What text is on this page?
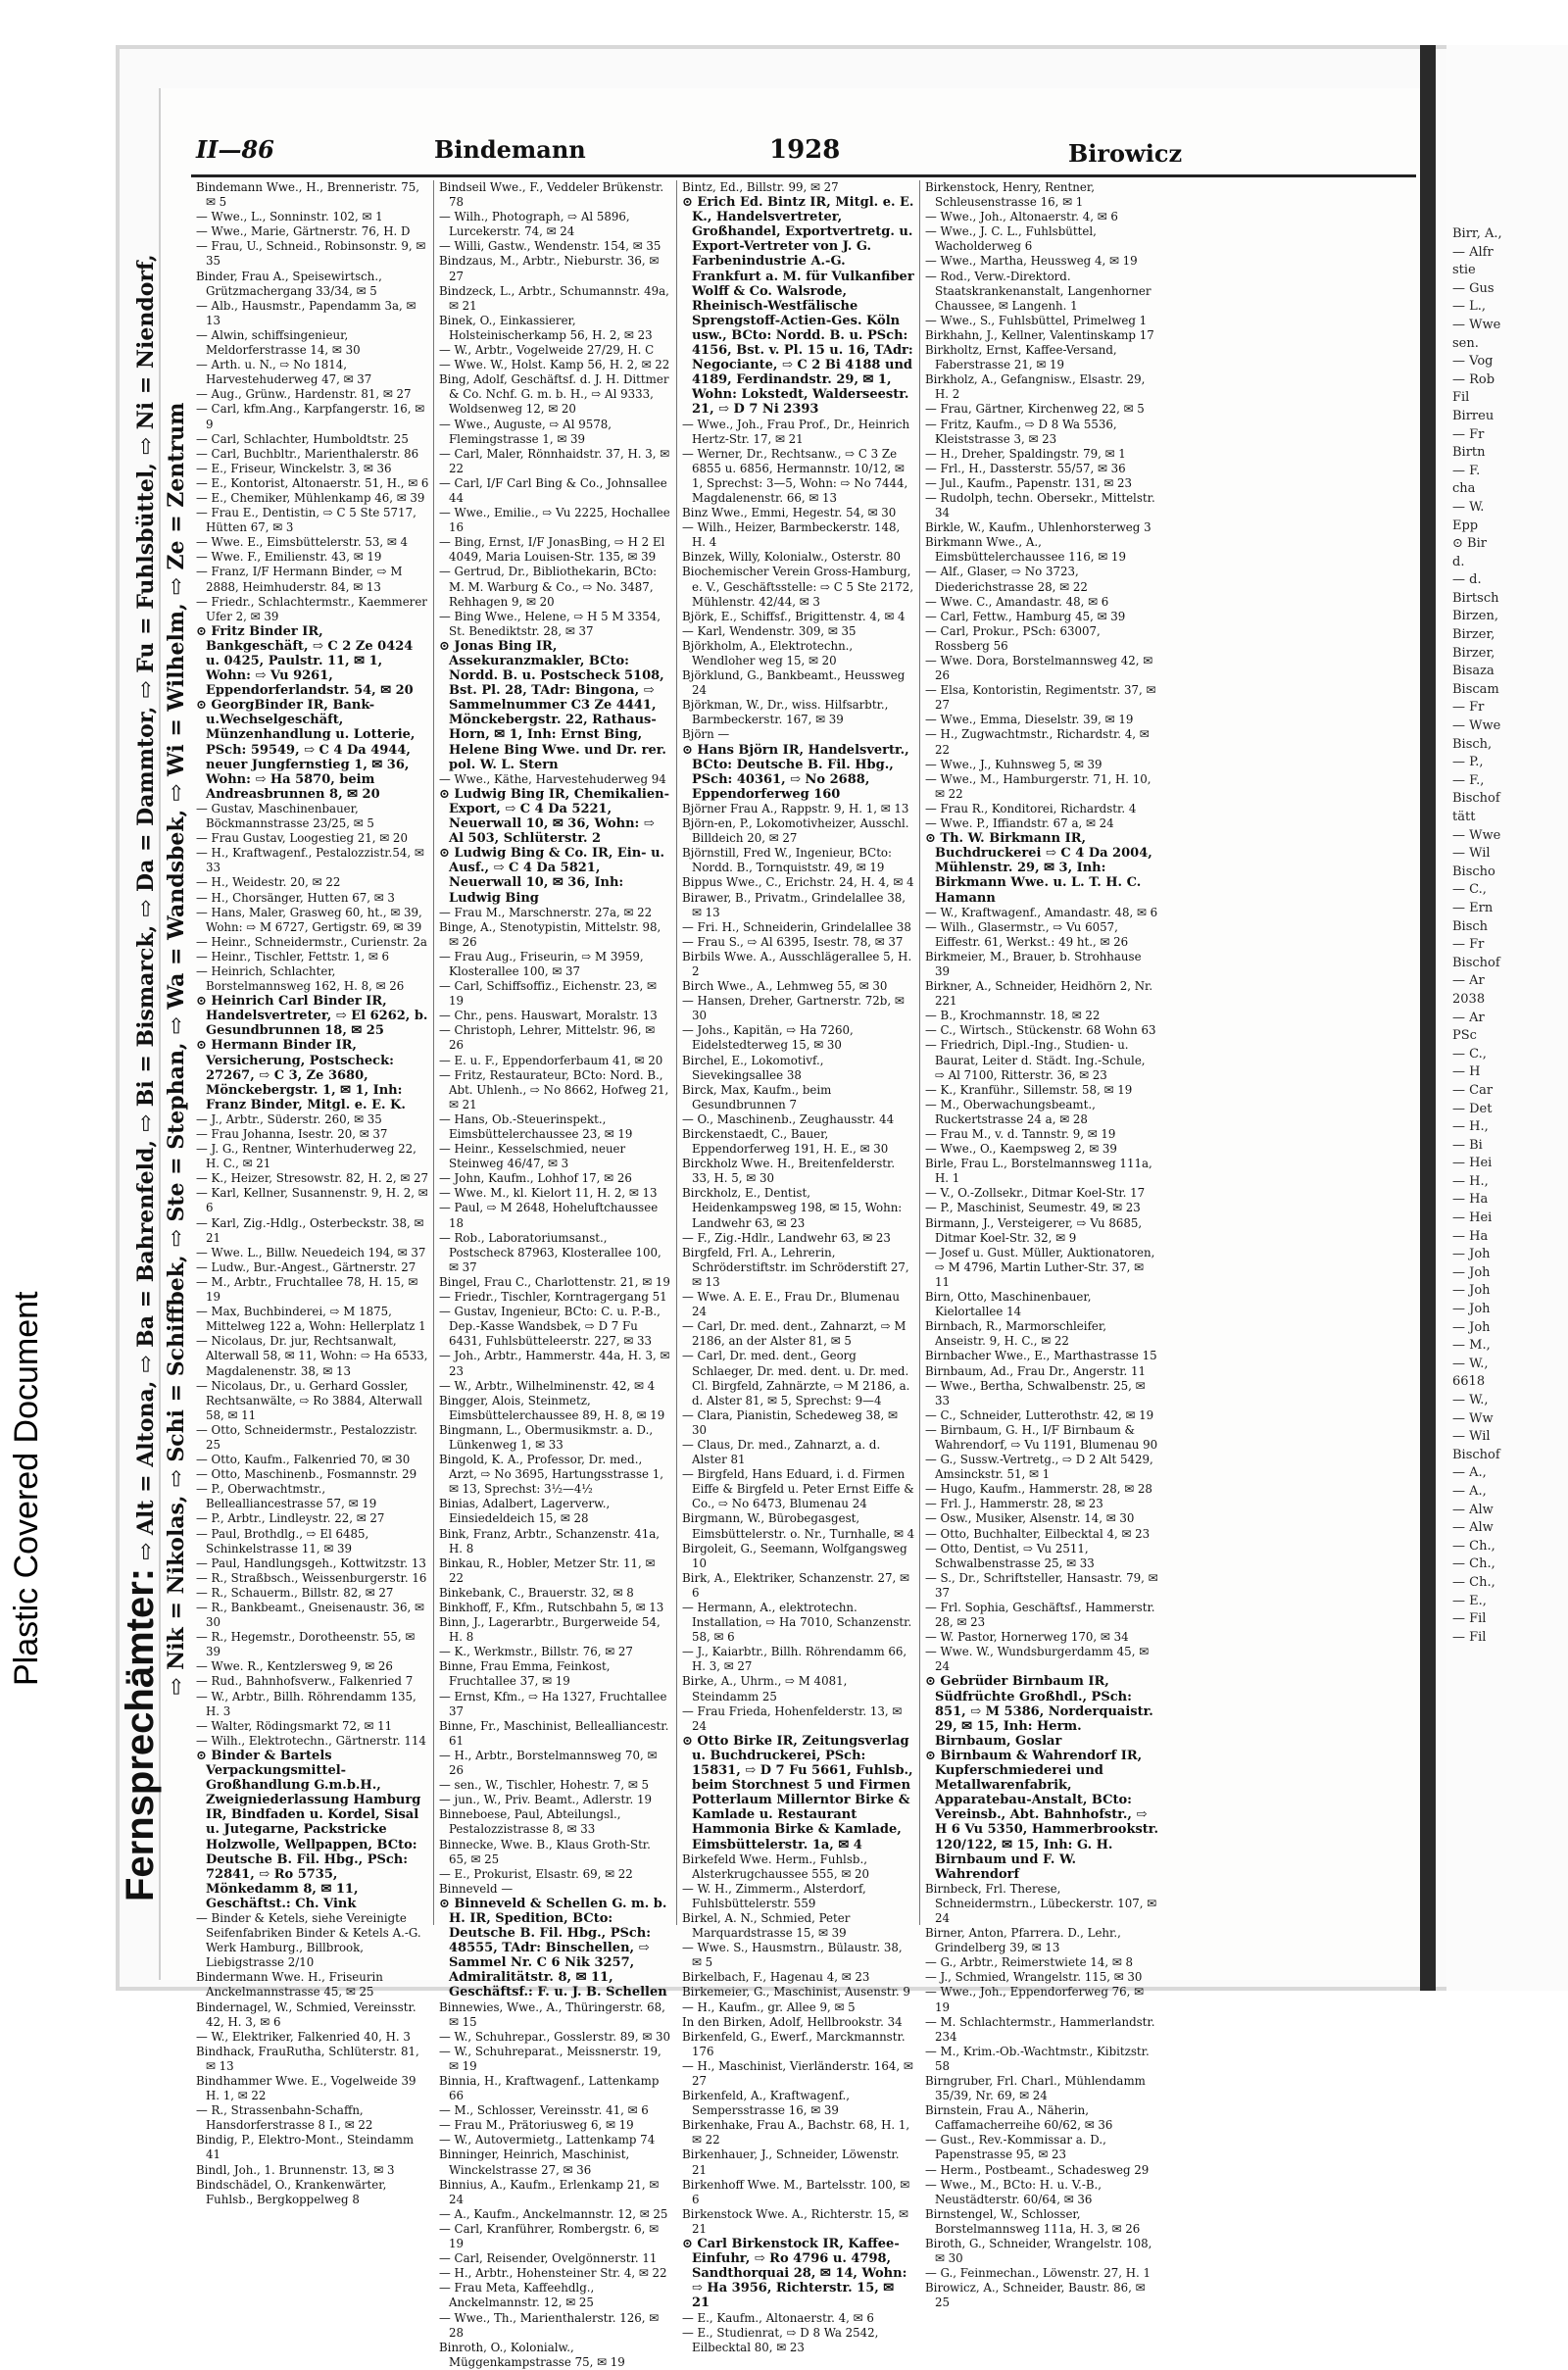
Plastic Covered Document
Birr, A.,
— Alfr
stie
— Gus
— L.,
— Wwe
sen.
— Vog
— Rob
Fil
Birreu
— Fr
Birtn
— F.
cha
— W.
Epp
⊙ Bir
d.
— d.
Birtsch
Birzen,
Birzer,
Birzer,
Bisaza
Biscam
— Fr
— Wwe
Bisch,
— P.,
— F.,
Bischof
tätt
— Wwe
— Wil
Bischo
— C.,
— Ern
Bisch
— Fr
Bischof
— Ar
2038
— Ar
PSc
— C.,
— H
— Car
— Det
— H.,
— Bi
— Hei
— H.,
— Ha
— Hei
— Ha
— Joh
— Joh
— Joh
— Joh
— Joh
— M.,
— W.,
6618
— W.,
— Ww
— Wil
Bischof
— A.,
— A.,
— Alw
— Alw
— Ch.,
— Ch.,
— Ch.,
— E.,
— Fil
— Fil
II—86	Bindemann	1928	Birowicz
Fernsprechämter: ⇨ Alt = Altona, ⇨ Ba = Bahrenfeld, ⇨ Bi = Bismarck, ⇨ Da = Dammtor, ⇨ Fu = Fuhlsbüttel, ⇨ Ni = Niendorf, ⇨ Nik = Nikolas, ⇨ Schi = Schiffbek, ⇨ Ste = Stephan, ⇨ Wa = Wandsbek, ⇨ Wi = Wilhelm, ⇨ Ze = Zentrum

Bindemann Wwe., H., Brenneristr. 75, ✉ 5

— Wwe., L., Sonninstr. 102, ✉ 1

— Wwe., Marie, Gärtnerstr. 76, H. D

— Frau, U., Schneid., Robinsonstr. 9, ✉ 35

Binder, Frau A., Speisewirtsch., Grützmachergang 33/34, ✉ 5

— Alb., Hausmstr., Papendamm 3a, ✉ 13

— Alwin, schiffsingenieur, Meldorferstrasse 14, ✉ 30

— Arth. u. N., ⇨ No 1814, Harvestehuderweg 47, ✉ 37

— Aug., Grünw., Hardenstr. 81, ✉ 27

— Carl, kfm.Ang., Karpfangerstr. 16, ✉ 9

— Carl, Schlachter, Humboldtstr. 25

— Carl, Buchbltr., Marienthalerstr. 86

— E., Friseur, Winckelstr. 3, ✉ 36

— E., Kontorist, Altonaerstr. 51, H., ✉ 6

— E., Chemiker, Mühlenkamp 46, ✉ 39

— Frau E., Dentistin, ⇨ C 5 Ste 5717, Hütten 67, ✉ 3

— Wwe. E., Eimsbüttelerstr. 53, ✉ 4

— Wwe. F., Emilienstr. 43, ✉ 19

— Franz, I/F Hermann Binder, ⇨ M 2888, Heimhuderstr. 84, ✉ 13

— Friedr., Schlachtermstr., Kaemmerer Ufer 2, ✉ 39

⊙ Fritz Binder IR, Bankgeschäft, ⇨ C 2 Ze 0424 u. 0425, Paulstr. 11, ✉ 1, Wohn: ⇨ Vu 9261, Eppendorferlandstr. 54, ✉ 20

⊙ GeorgBinder IR, Bank-u.Wechselgeschäft, Münzenhandlung u. Lotterie, PSch: 59549, ⇨ C 4 Da 4944, neuer Jungfernstieg 1, ✉ 36, Wohn: ⇨ Ha 5870, beim Andreasbrunnen 8, ✉ 20

— Gustav, Maschinenbauer, Böckmannstrasse 23/25, ✉ 5

— Frau Gustav, Loogestieg 21, ✉ 20

— H., Kraftwagenf., Pestalozzistr.54, ✉ 33

— H., Weidestr. 20, ✉ 22

— H., Chorsänger, Hutten 67, ✉ 3

— Hans, Maler, Grasweg 60, ht., ✉ 39, Wohn: ⇨ M 6727, Gertigstr. 69, ✉ 39

— Heinr., Schneidermstr., Curienstr. 2a

— Heinr., Tischler, Fettstr. 1, ✉ 6

— Heinrich, Schlachter, Borstelmannsweg 162, H. 8, ✉ 26

⊙ Heinrich Carl Binder IR, Handelsvertreter, ⇨ El 6262, b. Gesundbrunnen 18, ✉ 25

⊙ Hermann Binder IR, Versicherung, Postscheck: 27267, ⇨ C 3, Ze 3680, Mönckebergstr. 1, ✉ 1, Inh: Franz Binder, Mitgl. e. E. K.

— J., Arbtr., Süderstr. 260, ✉ 35

— Frau Johanna, Isestr. 20, ✉ 37

— J. G., Rentner, Winterhuderweg 22, H. C., ✉ 21

— K., Heizer, Stresowstr. 82, H. 2, ✉ 27

— Karl, Kellner, Susannenstr. 9, H. 2, ✉ 6

— Karl, Zig.-Hdlg., Osterbeckstr. 38, ✉ 21

— Wwe. L., Billw. Neuedeich 194, ✉ 37

— Ludw., Bur.-Angest., Gärtnerstr. 27

— M., Arbtr., Fruchtallee 78, H. 15, ✉ 19

— Max, Buchbinderei, ⇨ M 1875, Mittelweg 122 a, Wohn: Hellerplatz 1

— Nicolaus, Dr. jur, Rechtsanwalt, Alterwall 58, ✉ 11, Wohn: ⇨ Ha 6533, Magdalenenstr. 38, ✉ 13

— Nicolaus, Dr., u. Gerhard Gossler, Rechtsanwälte, ⇨ Ro 3884, Alterwall 58, ✉ 11

— Otto, Schneidermstr., Pestalozzistr. 25

— Otto, Kaufm., Falkenried 70, ✉ 30

— Otto, Maschinenb., Fosmannstr. 29

— P., Oberwachtmstr., Bellealliancestrasse 57, ✉ 19

— P., Arbtr., Lindleystr. 22, ✉ 27

— Paul, Brothdlg., ⇨ El 6485, Schinkelstrasse 11, ✉ 39

— Paul, Handlungsgeh., Kottwitzstr. 13

— R., Straßbsch., Weissenburgerstr. 16

— R., Schauerm., Billstr. 82, ✉ 27

— R., Bankbeamt., Gneisenaustr. 36, ✉ 30

— R., Hegemstr., Dorotheenstr. 55, ✉ 39

— Wwe. R., Kentzlersweg 9, ✉ 26

— Rud., Bahnhofsverw., Falkenried 7

— W., Arbtr., Billh. Röhrendamm 135, H. 3

— Walter, Rödingsmarkt 72, ✉ 11

— Wilh., Elektrotechn., Gärtnerstr. 114

⊙ Binder & Bartels Verpackungsmittel-Großhandlung G.m.b.H., Zweigniederlassung Hamburg IR, Bindfaden u. Kordel, Sisal u. Jutegarne, Packstricke Holzwolle, Wellpappen, BCto: Deutsche B. Fil. Hbg., PSch: 72841, ⇨ Ro 5735, Mönkedamm 8, ✉ 11, Geschäftst.: Ch. Vink

— Binder & Ketels, siehe Vereinigte Seifenfabriken Binder & Ketels A.-G. Werk Hamburg., Billbrook, Liebigstrasse 2/10

Bindermann Wwe. H., Friseurin Anckelmannstrasse 45, ✉ 25

Bindernagel, W., Schmied, Vereinsstr. 42, H. 3, ✉ 6

— W., Elektriker, Falkenried 40, H. 3

Bindhack, FrauRutha, Schlüterstr. 81, ✉ 13

Bindhammer Wwe. E., Vogelweide 39 H. 1, ✉ 22

— R., Strassenbahn-Schaffn, Hansdorferstrasse 8 I., ✉ 22

Bindig, P., Elektro-Mont., Steindamm 41

Bindl, Joh., 1. Brunnenstr. 13, ✉ 3

Bindschädel, O., Krankenwärter, Fuhlsb., Bergkoppelweg 8

Bindseil Wwe., F., Veddeler Brükenstr. 78

— Wilh., Photograph, ⇨ Al 5896, Lurcekerstr. 74, ✉ 24

— Willi, Gastw., Wendenstr. 154, ✉ 35

Bindzaus, M., Arbtr., Nieburstr. 36, ✉ 27

Bindzeck, L., Arbtr., Schumannstr. 49a, ✉ 21

Binek, O., Einkassierer, Holsteinischerkamp 56, H. 2, ✉ 23

— W., Arbtr., Vogelweide 27/29, H. C

— Wwe. W., Holst. Kamp 56, H. 2, ✉ 22

Bing, Adolf, Geschäftsf. d. J. H. Dittmer & Co. Nchf. G. m. b. H., ⇨ Al 9333, Woldsenweg 12, ✉ 20

— Wwe., Auguste, ⇨ Al 9578, Flemingstrasse 1, ✉ 39

— Carl, Maler, Rönnhaidstr. 37, H. 3, ✉ 22

— Carl, I/F Carl Bing & Co., Johnsallee 44

— Wwe., Emilie., ⇨ Vu 2225, Hochallee 16

— Bing, Ernst, I/F JonasBing, ⇨ H 2 El 4049, Maria Louisen-Str. 135, ✉ 39

— Gertrud, Dr., Bibliothekarin, BCto: M. M. Warburg & Co., ⇨ No. 3487, Rehhagen 9, ✉ 20

— Bing Wwe., Helene, ⇨ H 5 M 3354, St. Benediktstr. 28, ✉ 37

⊙ Jonas Bing IR, Assekuranzmakler, BCto: Nordd. B. u. Postscheck 5108, Bst. Pl. 28, TAdr: Bingona, ⇨ Sammelnummer C3 Ze 4441, Mönckebergstr. 22, Rathaus-Horn, ✉ 1, Inh: Ernst Bing, Helene Bing Wwe. und Dr. rer. pol. W. L. Stern

— Wwe., Käthe, Harvestehuderweg 94

⊙ Ludwig Bing IR, Chemikalien-Export, ⇨ C 4 Da 5221, Neuerwall 10, ✉ 36, Wohn: ⇨ Al 503, Schlüterstr. 2

⊙ Ludwig Bing & Co. IR, Ein- u. Ausf., ⇨ C 4 Da 5821, Neuerwall 10, ✉ 36, Inh: Ludwig Bing

— Frau M., Marschnerstr. 27a, ✉ 22

Binge, A., Stenotypistin, Mittelstr. 98, ✉ 26

— Frau Aug., Friseurin, ⇨ M 3959, Klosterallee 100, ✉ 37

— Carl, Schiffsoffiz., Eichenstr. 23, ✉ 19

— Chr., pens. Hauswart, Moralstr. 13

— Christoph, Lehrer, Mittelstr. 96, ✉ 26

— E. u. F., Eppendorferbaum 41, ✉ 20

— Fritz, Restaurateur, BCto: Nord. B., Abt. Uhlenh., ⇨ No 8662, Hofweg 21, ✉ 21

— Hans, Ob.-Steuerinspekt., Eimsbüttelerchaussee 23, ✉ 19

— Heinr., Kesselschmied, neuer Steinweg 46/47, ✉ 3

— John, Kaufm., Lohhof 17, ✉ 26

— Wwe. M., kl. Kielort 11, H. 2, ✉ 13

— Paul, ⇨ M 2648, Hoheluftchaussee 18

— Rob., Laboratoriumsanst., Postscheck 87963, Klosterallee 100, ✉ 37

Bingel, Frau C., Charlottenstr. 21, ✉ 19

— Friedr., Tischler, Korntragergang 51

— Gustav, Ingenieur, BCto: C. u. P.-B., Dep.-Kasse Wandsbek, ⇨ D 7 Fu 6431, Fuhlsbütteleerstr. 227, ✉ 33

— Joh., Arbtr., Hammerstr. 44a, H. 3, ✉ 23

— W., Arbtr., Wilhelminenstr. 42, ✉ 4

Bingger, Alois, Steinmetz, Eimsbüttelerchaussee 89, H. 8, ✉ 19

Bingmann, L., Obermusikmstr. a. D., Lünkenweg 1, ✉ 33

Bingold, K. A., Professor, Dr. med., Arzt, ⇨ No 3695, Hartungsstrasse 1, ✉ 13, Sprechst: 3½—4½

Binias, Adalbert, Lagerverw., Einsiedeldeich 15, ✉ 28

Bink, Franz, Arbtr., Schanzenstr. 41a, H. 8

Binkau, R., Hobler, Metzer Str. 11, ✉ 22

Binkebank, C., Brauerstr. 32, ✉ 8

Binkhoff, F., Kfm., Rutschbahn 5, ✉ 13

Binn, J., Lagerarbtr., Burgerweide 54, H. 8

— K., Werkmstr., Billstr. 76, ✉ 27

Binne, Frau Emma, Feinkost, Fruchtallee 37, ✉ 19

— Ernst, Kfm., ⇨ Ha 1327, Fruchtallee 37

Binne, Fr., Maschinist, Bellealliancestr. 61

— H., Arbtr., Borstelmannsweg 70, ✉ 26

— sen., W., Tischler, Hohestr. 7, ✉ 5

— jun., W., Priv. Beamt., Adlerstr. 19

Binneboese, Paul, Abteilungsl., Pestalozzistrasse 8, ✉ 33

Binnecke, Wwe. B., Klaus Groth-Str. 65, ✉ 25

— E., Prokurist, Elsastr. 69, ✉ 22

Binneveld —

⊙ Binneveld & Schellen G. m. b. H. IR, Spedition, BCto: Deutsche B. Fil. Hbg., PSch: 48555, TAdr: Binschellen, ⇨ Sammel Nr. C 6 Nik 3257, Admiralitätstr. 8, ✉ 11, Geschäftsf.: F. u. J. B. Schellen

Binnewies, Wwe., A., Thüringerstr. 68, ✉ 15

— W., Schuhrepar., Gosslerstr. 89, ✉ 30

— W., Schuhreparat., Meissnerstr. 19, ✉ 19

Binnia, H., Kraftwagenf., Lattenkamp 66

— M., Schlosser, Vereinsstr. 41, ✉ 6

— Frau M., Prätoriusweg 6, ✉ 19

— W., Autovermietg., Lattenkamp 74

Binninger, Heinrich, Maschinist, Winckelstrasse 27, ✉ 36

Binnius, A., Kaufm., Erlenkamp 21, ✉ 24

— A., Kaufm., Anckelmannstr. 12, ✉ 25

— Carl, Kranführer, Rombergstr. 6, ✉ 19

— Carl, Reisender, Ovelgönnerstr. 11

— H., Arbtr., Hohensteiner Str. 4, ✉ 22

— Frau Meta, Kaffeehdlg., Anckelmannstr. 12, ✉ 25

— Wwe., Th., Marienthalerstr. 126, ✉ 28

Binroth, O., Kolonialw., Müggenkampstrasse 75, ✉ 19

Bintz, Ed., Billstr. 99, ✉ 27

⊙ Erich Ed. Bintz IR, Mitgl. e. E. K., Handelsvertreter, Großhandel, Exportvertretg. u. Export-Vertreter von J. G. Farbenindustrie A.-G. Frankfurt a. M. für Vulkanfiber Wolff & Co. Walsrode, Rheinisch-Westfälische Sprengstoff-Actien-Ges. Köln usw., BCto: Nordd. B. u. PSch: 4156, Bst. v. Pl. 15 u. 16, TAdr: Negociante, ⇨ C 2 Bi 4188 und 4189, Ferdinandstr. 29, ✉ 1, Wohn: Lokstedt, Walderseestr. 21, ⇨ D 7 Ni 2393

— Wwe., Joh., Frau Prof., Dr., Heinrich Hertz-Str. 17, ✉ 21

— Werner, Dr., Rechtsanw., ⇨ C 3 Ze 6855 u. 6856, Hermannstr. 10/12, ✉ 1, Sprechst: 3—5, Wohn: ⇨ No 7444, Magdalenenstr. 66, ✉ 13

Binz Wwe., Emmi, Hegestr. 54, ✉ 30

— Wilh., Heizer, Barmbeckerstr. 148, H. 4

Binzek, Willy, Kolonialw., Osterstr. 80

Biochemischer Verein Gross-Hamburg, e. V., Geschäftsstelle: ⇨ C 5 Ste 2172, Mühlenstr. 42/44, ✉ 3

Björk, E., Schiffsf., Brigittenstr. 4, ✉ 4

— Karl, Wendenstr. 309, ✉ 35

Björkholm, A., Elektrotechn., Wendloher weg 15, ✉ 20

Björklund, G., Bankbeamt., Heussweg 24

Björkman, W., Dr., wiss. Hilfsarbtr., Barmbeckerstr. 167, ✉ 39

Björn —

⊙ Hans Björn IR, Handelsvertr., BCto: Deutsche B. Fil. Hbg., PSch: 40361, ⇨ No 2688, Eppendorferweg 160

Björner Frau A., Rappstr. 9, H. 1, ✉ 13

Björn-en, P., Lokomotivheizer, Ausschl. Billdeich 20, ✉ 27

Björnstill, Fred W., Ingenieur, BCto: Nordd. B., Tornquiststr. 49, ✉ 19

Bippus Wwe., C., Erichstr. 24, H. 4, ✉ 4

Birawer, B., Privatm., Grindelallee 38, ✉ 13

— Fri. H., Schneiderin, Grindelallee 38

— Frau S., ⇨ Al 6395, Isestr. 78, ✉ 37

Birbils Wwe. A., Ausschlägerallee 5, H. 2

Birch Wwe., A., Lehmweg 55, ✉ 30

— Hansen, Dreher, Gartnerstr. 72b, ✉ 30

— Johs., Kapitän, ⇨ Ha 7260, Eidelstedterweg 15, ✉ 30

Birchel, E., Lokomotivf., Sievekingsallee 38

Birck, Max, Kaufm., beim Gesundbrunnen 7

— O., Maschinenb., Zeughausstr. 44

Birckenstaedt, C., Bauer, Eppendorferweg 191, H. E., ✉ 30

Birckholz Wwe. H., Breitenfelderstr. 33, H. 5, ✉ 30

Birckholz, E., Dentist, Heidenkampsweg 198, ✉ 15, Wohn: Landwehr 63, ✉ 23

— F., Zig.-Hdlr., Landwehr 63, ✉ 23

Birgfeld, Frl. A., Lehrerin, Schröderstiftstr. im Schröderstift 27, ✉ 13

— Wwe. A. E. E., Frau Dr., Blumenau 24

— Carl, Dr. med. dent., Zahnarzt, ⇨ M 2186, an der Alster 81, ✉ 5

— Carl, Dr. med. dent., Georg Schlaeger, Dr. med. dent. u. Dr. med. Cl. Birgfeld, Zahnärzte, ⇨ M 2186, a. d. Alster 81, ✉ 5, Sprechst: 9—4

— Clara, Pianistin, Schedeweg 38, ✉ 30

— Claus, Dr. med., Zahnarzt, a. d. Alster 81

— Birgfeld, Hans Eduard, i. d. Firmen Eiffe & Birgfeld u. Peter Ernst Eiffe & Co., ⇨ No 6473, Blumenau 24

Birgmann, W., Bürobegasgest, Eimsbüttelerstr. o. Nr., Turnhalle, ✉ 4

Birgoleit, G., Seemann, Wolfgangsweg 10

Birk, A., Elektriker, Schanzenstr. 27, ✉ 6

— Hermann, A., elektrotechn. Installation, ⇨ Ha 7010, Schanzenstr. 58, ✉ 6

— J., Kaiarbtr., Billh. Röhrendamm 66, H. 3, ✉ 27

Birke, A., Uhrm., ⇨ M 4081, Steindamm 25

— Frau Frieda, Hohenfelderstr. 13, ✉ 24

⊙ Otto Birke IR, Zeitungsverlag u. Buchdruckerei, PSch: 15831, ⇨ D 7 Fu 5661, Fuhlsb., beim Storchnest 5 und Firmen Potterlaum Millerntor Birke & Kamlade u. Restaurant Hammonia Birke & Kamlade, Eimsbüttelerstr. 1a, ✉ 4

Birkefeld Wwe. Herm., Fuhlsb., Alsterkrugchaussee 555, ✉ 20

— W. H., Zimmerm., Alsterdorf, Fuhlsbüttelerstr. 559

Birkel, A. N., Schmied, Peter Marquardstrasse 15, ✉ 39

— Wwe. S., Hausmstrn., Bülaustr. 38, ✉ 5

Birkelbach, F., Hagenau 4, ✉ 23

Birkemeier, G., Maschinist, Ausenstr. 9

— H., Kaufm., gr. Allee 9, ✉ 5

In den Birken, Adolf, Hellbrookstr. 34

Birkenfeld, G., Ewerf., Marckmannstr. 176

— H., Maschinist, Vierländerstr. 164, ✉ 27

Birkenfeld, A., Kraftwagenf., Sempersstrasse 16, ✉ 39

Birkenhake, Frau A., Bachstr. 68, H. 1, ✉ 22

Birkenhauer, J., Schneider, Löwenstr. 21

Birkenhoff Wwe. M., Bartelsstr. 100, ✉ 6

Birkenstock Wwe. A., Richterstr. 15, ✉ 21

⊙ Carl Birkenstock IR, Kaffee-Einfuhr, ⇨ Ro 4796 u. 4798, Sandthorquai 28, ✉ 14, Wohn: ⇨ Ha 3956, Richterstr. 15, ✉ 21

— E., Kaufm., Altonaerstr. 4, ✉ 6

— E., Studienrat, ⇨ D 8 Wa 2542, Eilbecktal 80, ✉ 23

Birkenstock, Henry, Rentner, Schleusenstrasse 16, ✉ 1

— Wwe., Joh., Altonaerstr. 4, ✉ 6

— Wwe., J. C. L., Fuhlsbüttel, Wacholderweg 6

— Wwe., Martha, Heussweg 4, ✉ 19

— Rod., Verw.-Direktord. Staatskrankenanstalt, Langenhorner Chaussee, ✉ Langenh. 1

— Wwe., S., Fuhlsbüttel, Primelweg 1

Birkhahn, J., Kellner, Valentinskamp 17

Birkholtz, Ernst, Kaffee-Versand, Faberstrasse 21, ✉ 19

Birkholz, A., Gefangnisw., Elsastr. 29, H. 2

— Frau, Gärtner, Kirchenweg 22, ✉ 5

— Fritz, Kaufm., ⇨ D 8 Wa 5536, Kleiststrasse 3, ✉ 23

— H., Dreher, Spaldingstr. 79, ✉ 1

— Frl., H., Dassterstr. 55/57, ✉ 36

— Jul., Kaufm., Papenstr. 131, ✉ 23

— Rudolph, techn. Obersekr., Mittelstr. 34

Birkle, W., Kaufm., Uhlenhorsterweg 3

Birkmann Wwe., A., Eimsbüttelerchaussee 116, ✉ 19

— Alf., Glaser, ⇨ No 3723, Diederichstrasse 28, ✉ 22

— Wwe. C., Amandastr. 48, ✉ 6

— Carl, Fettw., Hamburg 45, ✉ 39

— Carl, Prokur., PSch: 63007, Rossberg 56

— Wwe. Dora, Borstelmannsweg 42, ✉ 26

— Elsa, Kontoristin, Regimentstr. 37, ✉ 27

— Wwe., Emma, Dieselstr. 39, ✉ 19

— H., Zugwachtmstr., Richardstr. 4, ✉ 22

— Wwe., J., Kuhnsweg 5, ✉ 39

— Wwe., M., Hamburgerstr. 71, H. 10, ✉ 22

— Frau R., Konditorei, Richardstr. 4

— Wwe. P., Iffiandstr. 67 a, ✉ 24

⊙ Th. W. Birkmann IR, Buchdruckerei ⇨ C 4 Da 2004, Mühlenstr. 29, ✉ 3, Inh: Birkmann Wwe. u. L. T. H. C. Hamann

— W., Kraftwagenf., Amandastr. 48, ✉ 6

— Wilh., Glasermstr., ⇨ Vu 6057, Eiffestr. 61, Werkst.: 49 ht., ✉ 26

Birkmeier, M., Brauer, b. Strohhause 39

Birkner, A., Schneider, Heidhörn 2, Nr. 221

— B., Krochmannstr. 18, ✉ 22

— C., Wirtsch., Stückenstr. 68 Wohn 63

— Friedrich, Dipl.-Ing., Studien- u. Baurat, Leiter d. Städt. Ing.-Schule, ⇨ Al 7100, Ritterstr. 36, ✉ 23

— K., Kranführ., Sillemstr. 58, ✉ 19

— M., Oberwachungsbeamt., Ruckertstrasse 24 a, ✉ 28

— Frau M., v. d. Tannstr. 9, ✉ 19

— Wwe., O., Kaempsweg 2, ✉ 39

Birle, Frau L., Borstelmannsweg 111a, H. 1

— V., O.-Zollsekr., Ditmar Koel-Str. 17

— P., Maschinist, Seumestr. 49, ✉ 23

Birmann, J., Versteigerer, ⇨ Vu 8685, Ditmar Koel-Str. 32, ✉ 9

— Josef u. Gust. Müller, Auktionatoren, ⇨ M 4796, Martin Luther-Str. 37, ✉ 11

Birn, Otto, Maschinenbauer, Kielortallee 14

Birnbach, R., Marmorschleifer, Anseistr. 9, H. C., ✉ 22

Birnbacher Wwe., E., Marthastrasse 15

Birnbaum, Ad., Frau Dr., Angerstr. 11

— Wwe., Bertha, Schwalbenstr. 25, ✉ 33

— C., Schneider, Lutterothstr. 42, ✉ 19

— Birnbaum, G. H., I/F Birnbaum & Wahrendorf, ⇨ Vu 1191, Blumenau 90

— G., Sussw.-Vertretg., ⇨ D 2 Alt 5429, Amsinckstr. 51, ✉ 1

— Hugo, Kaufm., Hammerstr. 28, ✉ 28

— Frl. J., Hammerstr. 28, ✉ 23

— Osw., Musiker, Alsenstr. 14, ✉ 30

— Otto, Buchhalter, Eilbecktal 4, ✉ 23

— Otto, Dentist, ⇨ Vu 2511, Schwalbenstrasse 25, ✉ 33

— S., Dr., Schriftsteller, Hansastr. 79, ✉ 37

— Frl. Sophia, Geschäftsf., Hammerstr. 28, ✉ 23

— W. Pastor, Hornerweg 170, ✉ 34

— Wwe. W., Wundsburgerdamm 45, ✉ 24

⊙ Gebrüder Birnbaum IR, Südfrüchte Großhdl., PSch: 851, ⇨ M 5386, Norderquaistr. 29, ✉ 15, Inh: Herm. Birnbaum, Goslar

⊙ Birnbaum & Wahrendorf IR, Kupferschmiederei und Metallwarenfabrik, Apparatebau-Anstalt, BCto: Vereinsb., Abt. Bahnhofstr., ⇨ H 6 Vu 5350, Hammerbrookstr. 120/122, ✉ 15, Inh: G. H. Birnbaum und F. W. Wahrendorf

Birnbeck, Frl. Therese, Schneidermstrn., Lübeckerstr. 107, ✉ 24

Birner, Anton, Pfarrera. D., Lehr., Grindelberg 39, ✉ 13

— G., Arbtr., Reimerstwiete 14, ✉ 8

— J., Schmied, Wrangelstr. 115, ✉ 30

— Wwe., Joh., Eppendorferweg 76, ✉ 19

— M. Schlachtermstr., Hammerlandstr. 234

— M., Krim.-Ob.-Wachtmstr., Kibitzstr. 58

Birngruber, Frl. Charl., Mühlendamm 35/39, Nr. 69, ✉ 24

Birnstein, Frau A., Näherin, Caffamacherreihe 60/62, ✉ 36

— Gust., Rev.-Kommissar a. D., Papenstrasse 95, ✉ 23

— Herm., Postbeamt., Schadesweg 29

— Wwe., M., BCto: H. u. V.-B., Neustädterstr. 60/64, ✉ 36

Birnstengel, W., Schlosser, Borstelmannsweg 111a, H. 3, ✉ 26

Biroth, G., Schneider, Wrangelstr. 108, ✉ 30

— G., Feinmechan., Löwenstr. 27, H. 1

Birowicz, A., Schneider, Baustr. 86, ✉ 25
